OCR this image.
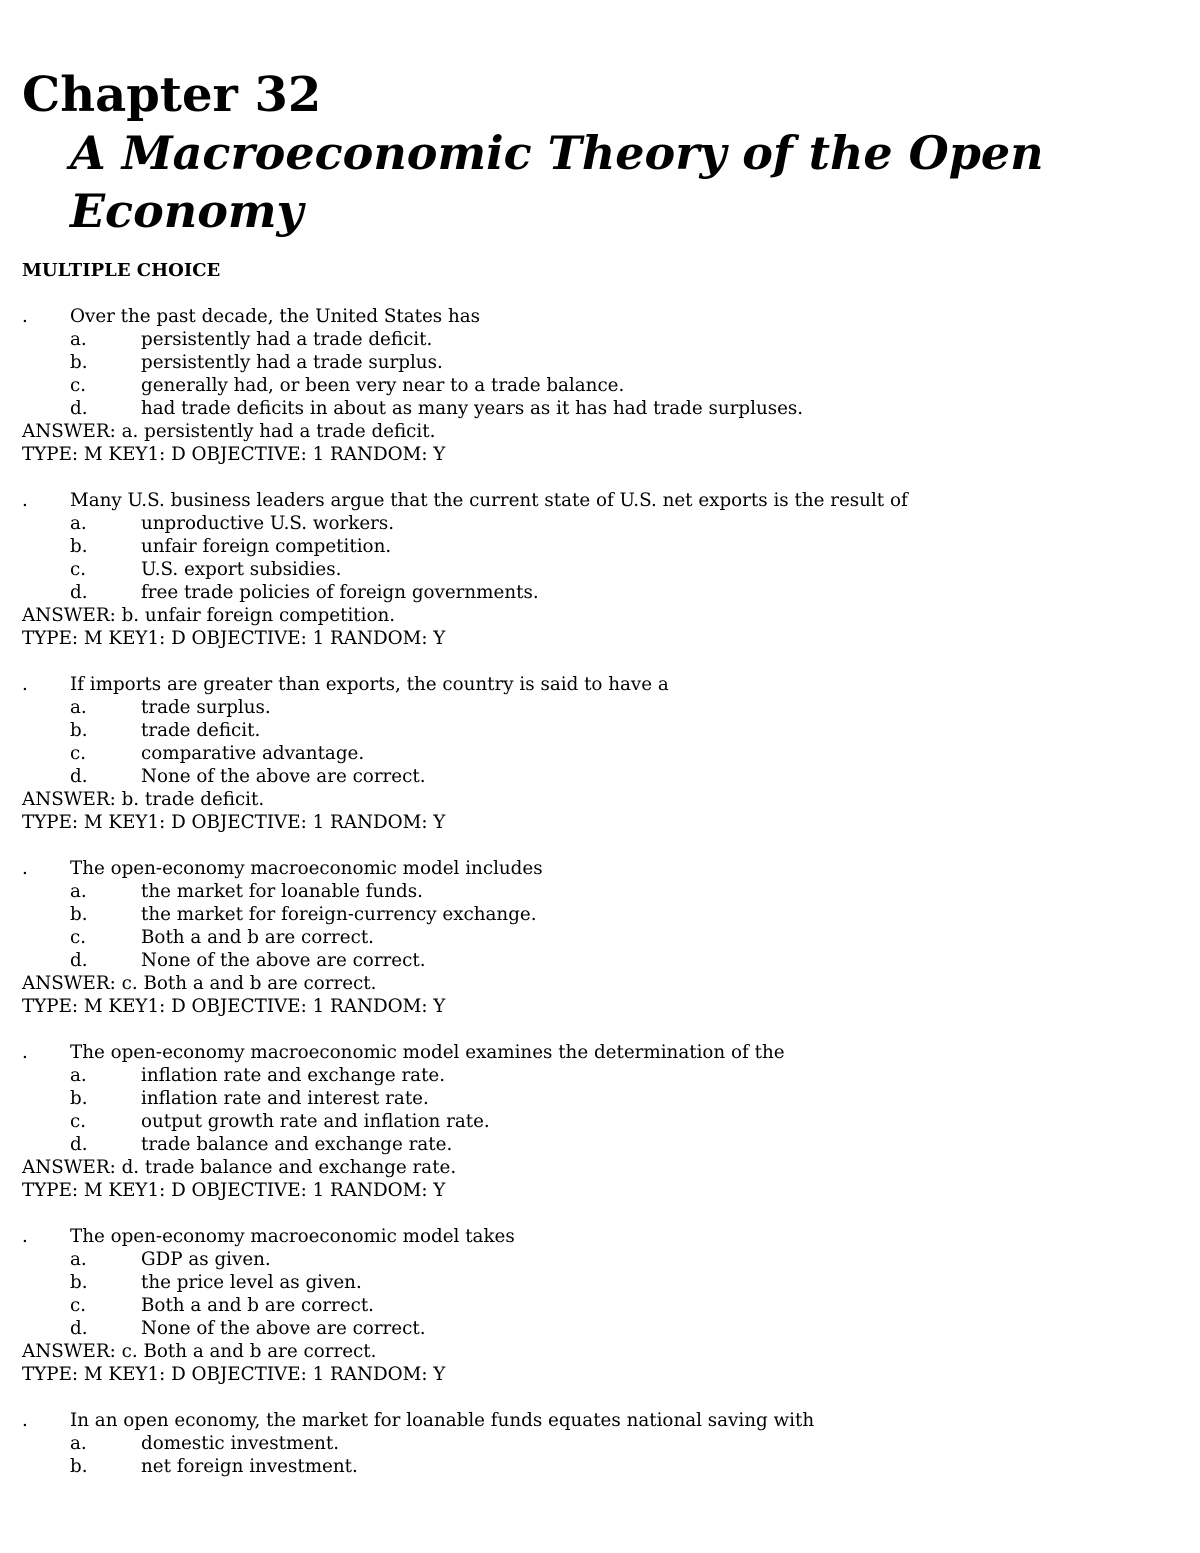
Chapter 32
A Macroeconomic Theory of the Open Economy
MULTIPLE CHOICE
. Over the past decade, the United States has
a.	persistently had a trade deficit.
b.	persistently had a trade surplus.
c.	generally had, or been very near to a trade balance.
d.	had trade deficits in about as many years as it has had trade surpluses.
ANSWER: a. persistently had a trade deficit.
TYPE: M KEY1: D OBJECTIVE: 1 RANDOM: Y
. Many U.S. business leaders argue that the current state of U.S. net exports is the result of
a.	unproductive U.S. workers.
b.	unfair foreign competition.
c.	U.S. export subsidies.
d.	free trade policies of foreign governments.
ANSWER: b. unfair foreign competition.
TYPE: M KEY1: D OBJECTIVE: 1 RANDOM: Y
. If imports are greater than exports, the country is said to have a
a.	trade surplus.
b.	trade deficit.
c.	comparative advantage.
d.	None of the above are correct.
ANSWER: b. trade deficit.
TYPE: M KEY1: D OBJECTIVE: 1 RANDOM: Y
. The open-economy macroeconomic model includes
a.	the market for loanable funds.
b.	the market for foreign-currency exchange.
c.	Both a and b are correct.
d.	None of the above are correct.
ANSWER: c. Both a and b are correct.
TYPE: M KEY1: D OBJECTIVE: 1 RANDOM: Y
. The open-economy macroeconomic model examines the determination of the
a.	inflation rate and exchange rate.
b.	inflation rate and interest rate.
c.	output growth rate and inflation rate.
d.	trade balance and exchange rate.
ANSWER: d. trade balance and exchange rate.
TYPE: M KEY1: D OBJECTIVE: 1 RANDOM: Y
. The open-economy macroeconomic model takes
a.	GDP as given.
b.	the price level as given.
c.	Both a and b are correct.
d.	None of the above are correct.
ANSWER: c. Both a and b are correct.
TYPE: M KEY1: D OBJECTIVE: 1 RANDOM: Y
. In an open economy, the market for loanable funds equates national saving with
a.	domestic investment.
b.	net foreign investment.
